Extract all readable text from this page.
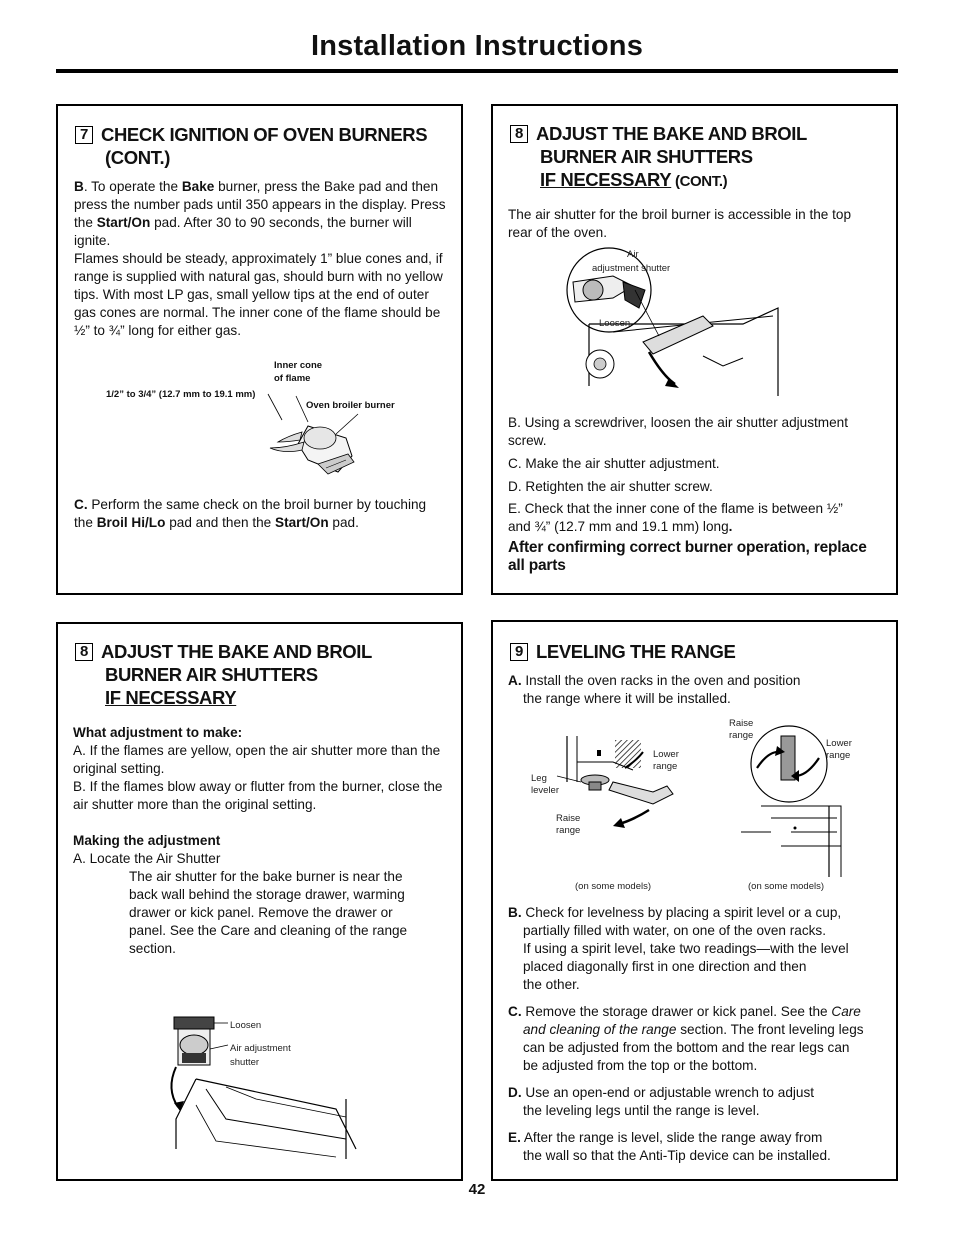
Installation Instructions
7 CHECK IGNITION OF OVEN BURNERS
(CONT.)
B. To operate the Bake burner, press the Bake pad and then press the number pads until 350 appears in the display. Press the Start/On pad. After 30 to 90 seconds, the burner will ignite.
Flames should be steady, approximately 1” blue cones and, if range is supplied with natural gas, should burn with no yellow tips. With most LP gas, small yellow tips at the end of outer gas cones are normal. The inner cone of the flame should be ½” to ¾” long for either gas.
Inner cone
of flame
1/2” to 3/4” (12.7 mm to 19.1 mm)
Oven broiler burner
C. Perform the same check on the broil burner by touching the Broil Hi/Lo pad and then the Start/On pad.
8 ADJUST THE BAKE AND BROIL
BURNER AIR SHUTTERS
IF NECESSARY (CONT.)
The air shutter for the broil burner is accessible in the top rear of the oven.
Air
adjustment shutter
Loosen
B. Using a screwdriver, loosen the air shutter adjustment screw.
C. Make the air shutter adjustment.
D. Retighten the air shutter screw.
E. Check that the inner cone of the flame is between ½” and ¾” (12.7 mm and 19.1 mm) long.
After confirming correct burner operation, replace all parts
8 ADJUST THE BAKE AND BROIL
BURNER AIR SHUTTERS
IF NECESSARY

What adjustment to make:

A. If the flames are yellow, open the air shutter more than the original setting.

B. If the flames blow away or flutter from the burner, close the air shutter more than the original setting.

Making the adjustment

A. Locate the Air Shutter

The air shutter for the bake burner is near the back wall behind the storage drawer, warming drawer or kick panel. Remove the drawer or panel. See the Care and cleaning of the range section.
Loosen
Air adjustment
shutter
9 LEVELING THE RANGE
A. Install the oven racks in the oven and position
the range where it will be installed.
Leg
leveler
Lower
range
Raise
range
(on some models)
Raise
range
Lower
range
(on some models)
B. Check for levelness by placing a spirit level or a cup,
partially filled with water, on one of the oven racks.
If using a spirit level, take two readings—with the level
placed diagonally first in one direction and then
the other.
C. Remove the storage drawer or kick panel. See the Care
and cleaning of the range section. The front leveling legs
can be adjusted from the bottom and the rear legs can
be adjusted from the top or the bottom.
D. Use an open-end or adjustable wrench to adjust
the leveling legs until the range is level.
E. After the range is level, slide the range away from
the wall so that the Anti-Tip device can be installed.
42
